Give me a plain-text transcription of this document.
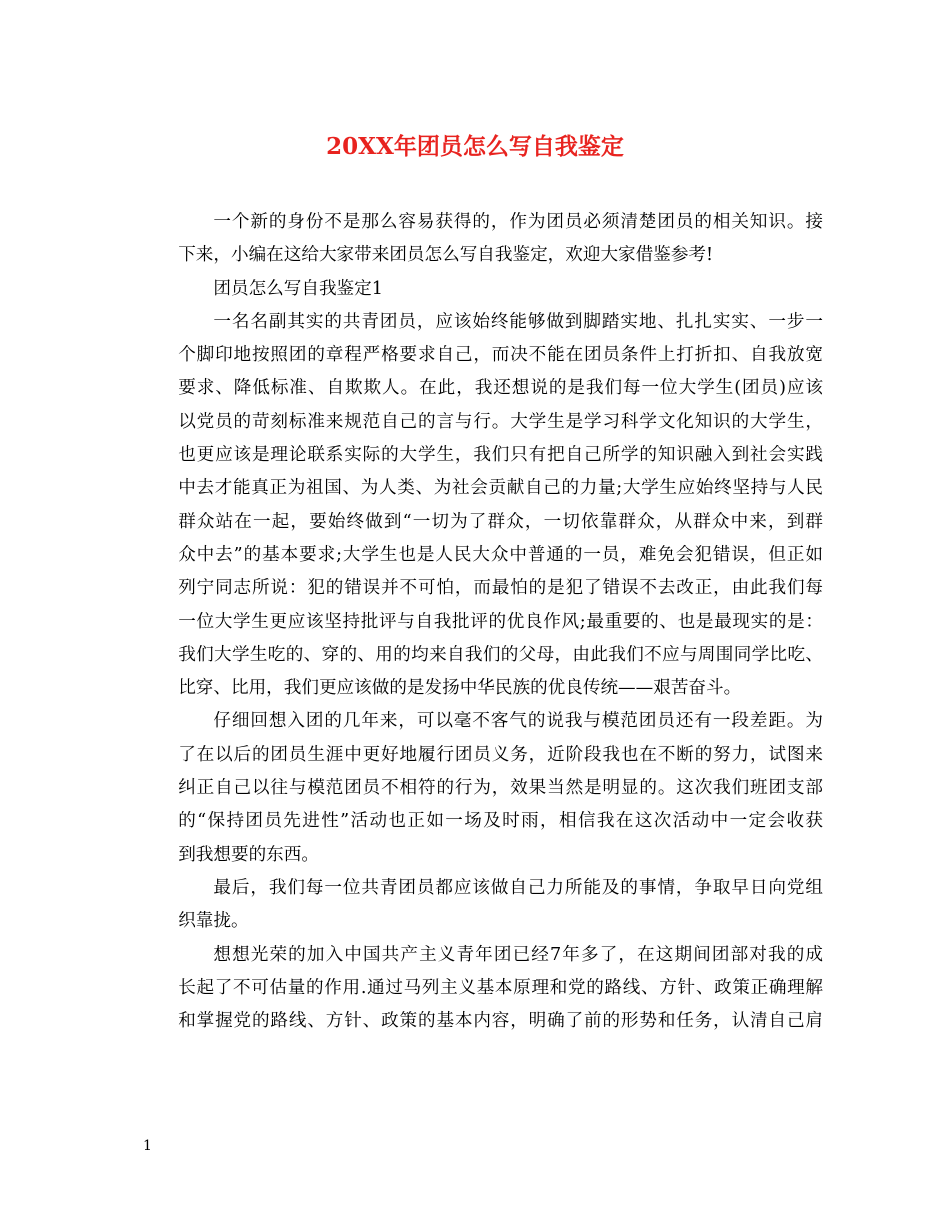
20XX年团员怎么写自我鉴定
一个新的身份不是那么容易获得的，作为团员必须清楚团员的相关知识。接
下来，小编在这给大家带来团员怎么写自我鉴定，欢迎大家借鉴参考!
团员怎么写自我鉴定1
一名名副其实的共青团员，应该始终能够做到脚踏实地、扎扎实实、一步一
个脚印地按照团的章程严格要求自己，而决不能在团员条件上打折扣、自我放宽
要求、降低标准、自欺欺人。在此，我还想说的是我们每一位大学生(团员)应该
以党员的苛刻标准来规范自己的言与行。大学生是学习科学文化知识的大学生，
也更应该是理论联系实际的大学生，我们只有把自己所学的知识融入到社会实践
中去才能真正为祖国、为人类、为社会贡献自己的力量;大学生应始终坚持与人民
群众站在一起，要始终做到“一切为了群众，一切依靠群众，从群众中来，到群
众中去”的基本要求;大学生也是人民大众中普通的一员，难免会犯错误，但正如
列宁同志所说：犯的错误并不可怕，而最怕的是犯了错误不去改正，由此我们每
一位大学生更应该坚持批评与自我批评的优良作风;最重要的、也是最现实的是：
我们大学生吃的、穿的、用的均来自我们的父母，由此我们不应与周围同学比吃、
比穿、比用，我们更应该做的是发扬中华民族的优良传统——艰苦奋斗。
仔细回想入团的几年来，可以毫不客气的说我与模范团员还有一段差距。为
了在以后的团员生涯中更好地履行团员义务，近阶段我也在不断的努力，试图来
纠正自己以往与模范团员不相符的行为，效果当然是明显的。这次我们班团支部
的“保持团员先进性”活动也正如一场及时雨，相信我在这次活动中一定会收获
到我想要的东西。
最后，我们每一位共青团员都应该做自己力所能及的事情，争取早日向党组
织靠拢。
想想光荣的加入中国共产主义青年团已经7年多了，在这期间团部对我的成
长起了不可估量的作用.通过马列主义基本原理和党的路线、方针、政策正确理解
和掌握党的路线、方针、政策的基本内容，明确了前的形势和任务，认清自己肩
1
